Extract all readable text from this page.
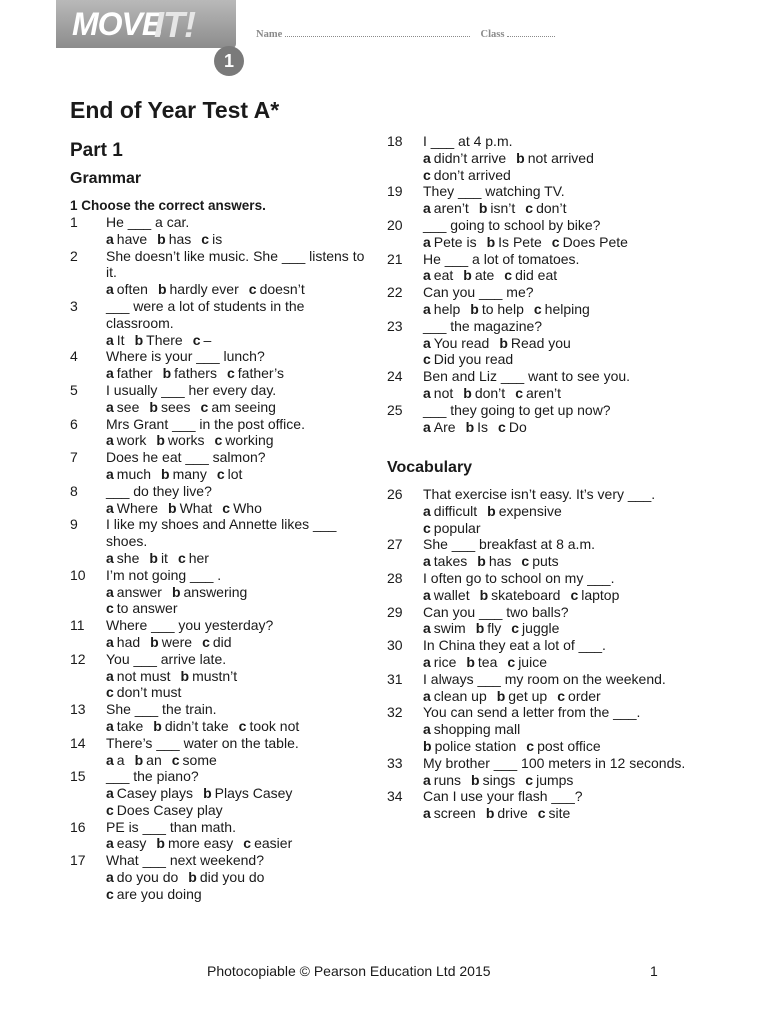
MOVE
IT!
1
Name	Class
End of Year Test A*
Part 1
Grammar

1 Choose the correct answers.

1 He ___ a car.
a have b has c is
2 She doesn’t like music. She ___ listens to it.
a often b hardly ever c doesn’t
3 ___ were a lot of students in the classroom.
a It b There c –
4 Where is your ___ lunch?
a father b fathers c father’s
5 I usually ___ her every day.
a see b sees c am seeing
6 Mrs Grant ___ in the post office.
a work b works c working
7 Does he eat ___ salmon?
a much b many c lot
8 ___ do they live?
a Where b What c Who
9 I like my shoes and Annette likes ___ shoes.
a she b it c her
10 I’m not going ___ .
a answer b answering
c to answer
11 Where ___ you yesterday?
a had b were c did
12 You ___ arrive late.
a not must b mustn’t
c don’t must
13 She ___ the train.
a take b didn’t take c took not
14 There’s ___ water on the table.
a a b an c some
15 ___ the piano?
a Casey plays b Plays Casey
c Does Casey play
16 PE is ___ than math.
a easy b more easy c easier
17 What ___ next weekend?
a do you do b did you do
c are you doing
18 I ___ at 4 p.m.
a didn’t arrive b not arrived
c don’t arrived
19 They ___ watching TV.
a aren’t b isn’t c don’t
20 ___ going to school by bike?
a Pete is b Is Pete c Does Pete
21 He ___ a lot of tomatoes.
a eat b ate c did eat
22 Can you ___ me?
a help b to help c helping
23 ___ the magazine?
a You read b Read you
c Did you read
24 Ben and Liz ___ want to see you.
a not b don’t c aren’t
25 ___ they going to get up now?
a Are b Is c Do
Vocabulary
26 That exercise isn’t easy. It’s very ___.
a difficult b expensive
c popular
27 She ___ breakfast at 8 a.m.
a takes b has c puts
28 I often go to school on my ___.
a wallet b skateboard c laptop
29 Can you ___ two balls?
a swim b fly c juggle
30 In China they eat a lot of ___.
a rice b tea c juice
31 I always ___ my room on the weekend.
a clean up b get up c order
32 You can send a letter from the ___.
a shopping mall
b police station c post office
33 My brother ___ 100 meters in 12 seconds.
a runs b sings c jumps
34 Can I use your flash ___?
a screen b drive c site
Photocopiable © Pearson Education Ltd 2015	1
